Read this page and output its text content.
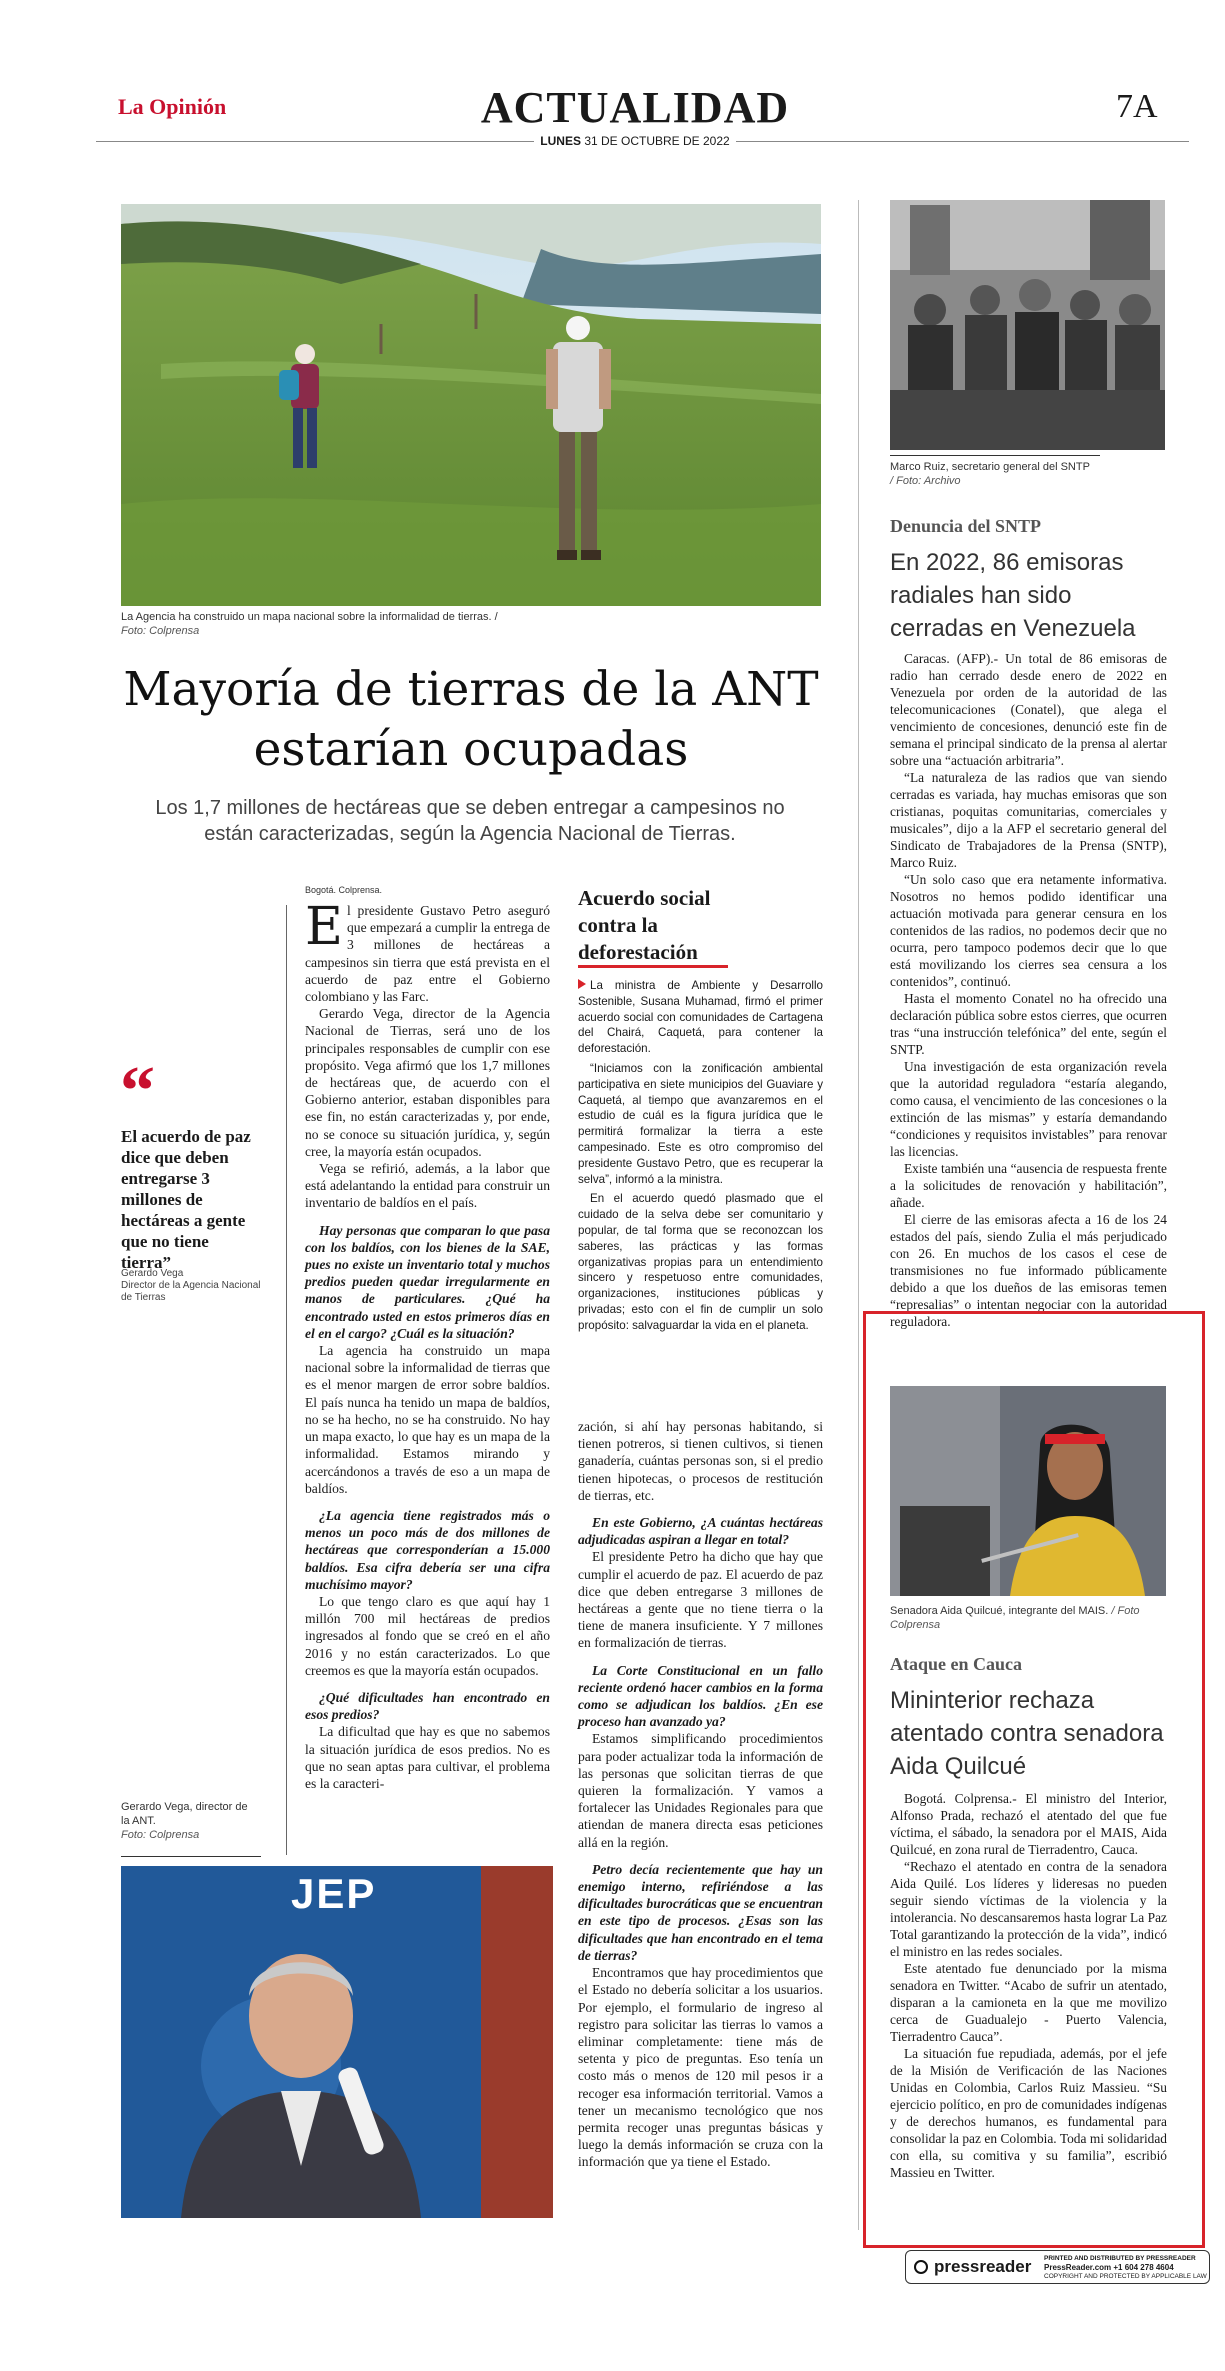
La Opinión	ACTUALIDAD	7A
LUNES 31 DE OCTUBRE DE 2022
La Agencia ha construido un mapa nacional sobre la informalidad de tierras. / Foto: Colprensa
Mayoría de tierras de la ANT estarían ocupadas
Los 1,7 millones de hectáreas que se deben entregar a campesinos no están caracterizadas, según la Agencia Nacional de Tierras.
“
El acuerdo de paz dice que deben entregarse 3 millones de hectáreas a gente que no tiene tierra”
Gerardo Vega
Director de la Agencia Nacional de Tierras
Gerardo Vega, director de la ANT.
Foto: Colprensa
Bogotá. Colprensa.

El presidente Gustavo Petro aseguró que empezará a cumplir la entrega de 3 millones de hectáreas a campesinos sin tierra que está prevista en el acuerdo de paz entre el Gobierno colombiano y las Farc.

Gerardo Vega, director de la Agencia Nacional de Tierras, será uno de los principales responsables de cumplir con ese propósito. Vega afirmó que los 1,7 millones de hectáreas que, de acuerdo con el Gobierno anterior, estaban disponibles para ese fin, no están caracterizadas y, por ende, no se conoce su situación jurídica, y, según cree, la mayoría están ocupados.

Vega se refirió, además, a la labor que está adelantando la entidad para construir un inventario de baldíos en el país.

Hay personas que comparan lo que pasa con los baldíos, con los bienes de la SAE, pues no existe un inventario total y muchos predios pueden quedar irregularmente en manos de particulares. ¿Qué ha encontrado usted en estos primeros días en el en el cargo? ¿Cuál es la situación?

La agencia ha construido un mapa nacional sobre la informalidad de tierras que es el menor margen de error sobre baldíos. El país nunca ha tenido un mapa de baldíos, no se ha hecho, no se ha construido. No hay un mapa exacto, lo que hay es un mapa de la informalidad. Estamos mirando y acercándonos a través de eso a un mapa de baldíos.

¿La agencia tiene registrados más o menos un poco más de dos millones de hectáreas que corresponderían a 15.000 baldíos. Esa cifra debería ser una cifra muchísimo mayor?

Lo que tengo claro es que aquí hay 1 millón 700 mil hectáreas de predios ingresados al fondo que se creó en el año 2016 y no están caracterizados. Lo que creemos es que la mayoría están ocupados.

¿Qué dificultades han encontrado en esos predios?

La dificultad que hay es que no sabemos la situación jurídica de esos predios. No es que no sean aptas para cultivar, el problema es la caracteri-

Acuerdo social contra la deforestación
La ministra de Ambiente y Desarrollo Sostenible, Susana Muhamad, firmó el primer acuerdo social con comunidades de Cartagena del Chairá, Caquetá, para contener la deforestación.
“Iniciamos con la zonificación ambiental participativa en siete municipios del Guaviare y Caquetá, al tiempo que avanzaremos en el estudio de cuál es la figura jurídica que le permitirá formalizar la tierra a este campesinado. Este es otro compromiso del presidente Gustavo Petro, que es recuperar la selva”, informó a la ministra.
En el acuerdo quedó plasmado que el cuidado de la selva debe ser comunitario y popular, de tal forma que se reconozcan los saberes, las prácticas y las formas organizativas propias para un entendimiento sincero y respetuoso entre comunidades, organizaciones, instituciones públicas y privadas; esto con el fin de cumplir un solo propósito: salvaguardar la vida en el planeta.

zación, si ahí hay personas habitando, si tienen potreros, si tienen cultivos, si tienen ganadería, cuántas personas son, si el predio tienen hipotecas, o procesos de restitución de tierras, etc.

En este Gobierno, ¿A cuántas hectáreas adjudicadas aspiran a llegar en total?

El presidente Petro ha dicho que hay que cumplir el acuerdo de paz. El acuerdo de paz dice que deben entregarse 3 millones de hectáreas a gente que no tiene tierra o la tiene de manera insuficiente. Y 7 millones en formalización de tierras.

La Corte Constitucional en un fallo reciente ordenó hacer cambios en la forma como se adjudican los baldíos. ¿En ese proceso han avanzado ya?

Estamos simplificando procedimientos para poder actualizar toda la información de las personas que solicitan tierras de que quieren la formalización. Y vamos a fortalecer las Unidades Regionales para que atiendan de manera directa esas peticiones allá en la región.

Petro decía recientemente que hay un enemigo interno, refiriéndose a las dificultades burocráticas que se encuentran en este tipo de procesos. ¿Esas son las dificultades que han encontrado en el tema de tierras?

Encontramos que hay procedimientos que el Estado no debería solicitar a los usuarios. Por ejemplo, el formulario de ingreso al registro para solicitar las tierras lo vamos a eliminar completamente: tiene más de setenta y pico de preguntas. Eso tenía un costo más o menos de 120 mil pesos ir a recoger esa información territorial. Vamos a tener un mecanismo tecnológico que nos permita recoger unas preguntas básicas y luego la demás información se cruza con la información que ya tiene el Estado.

JEP
Marco Ruiz, secretario general del SNTP
/ Foto: Archivo
Denuncia del SNTP
En 2022, 86 emisoras radiales han sido cerradas en Venezuela

Caracas. (AFP).- Un total de 86 emisoras de radio han cerrado desde enero de 2022 en Venezuela por orden de la autoridad de las telecomunicaciones (Conatel), que alega el vencimiento de concesiones, denunció este fin de semana el principal sindicato de la prensa al alertar sobre una “actuación arbitraria”.

“La naturaleza de las radios que van siendo cerradas es variada, hay muchas emisoras que son cristianas, poquitas comunitarias, comerciales y musicales”, dijo a la AFP el secretario general del Sindicato de Trabajadores de la Prensa (SNTP), Marco Ruiz.

“Un solo caso que era netamente informativa. Nosotros no hemos podido identificar una actuación motivada para generar censura en los contenidos de las radios, no podemos decir que no ocurra, pero tampoco podemos decir que lo que está movilizando los cierres sea censura a los contenidos”, continuó.

Hasta el momento Conatel no ha ofrecido una declaración pública sobre estos cierres, que ocurren tras “una instrucción telefónica” del ente, según el SNTP.

Una investigación de esta organización revela que la autoridad reguladora “estaría alegando, como causa, el vencimiento de las concesiones o la extinción de las mismas” y estaría demandando “condiciones y requisitos invistables” para renovar las licencias.

Existe también una “ausencia de respuesta frente a la solicitudes de renovación y habilitación”, añade.

El cierre de las emisoras afecta a 16 de los 24 estados del país, siendo Zulia el más perjudicado con 26. En muchos de los casos el cese de transmisiones no fue informado públicamente debido a que los dueños de las emisoras temen “represalias” o intentan negociar con la autoridad reguladora.

Senadora Aida Quilcué, integrante del MAIS. / Foto Colprensa
Ataque en Cauca
Mininterior rechaza atentado contra senadora Aida Quilcué

Bogotá. Colprensa.- El ministro del Interior, Alfonso Prada, rechazó el atentado del que fue víctima, el sábado, la senadora por el MAIS, Aida Quilcué, en zona rural de Tierradentro, Cauca.

“Rechazo el atentado en contra de la senadora Aida Quilé. Los líderes y lideresas no pueden seguir siendo víctimas de la violencia y la intolerancia. No descansaremos hasta lograr La Paz Total garantizando la protección de la vida”, indicó el ministro en las redes sociales.

Este atentado fue denunciado por la misma senadora en Twitter. “Acabo de sufrir un atentado, disparan a la camioneta en la que me movilizo cerca de Guadualejo - Puerto Valencia, Tierradentro Cauca”.

La situación fue repudiada, además, por el jefe de la Misión de Verificación de las Naciones Unidas en Colombia, Carlos Ruiz Massieu. “Su ejercicio político, en pro de comunidades indígenas y de derechos humanos, es fundamental para consolidar la paz en Colombia. Toda mi solidaridad con ella, su comitiva y su familia”, escribió Massieu en Twitter.

pressreader PRINTED AND DISTRIBUTED BY PRESSREADER
PressReader.com +1 604 278 4604
COPYRIGHT AND PROTECTED BY APPLICABLE LAW
